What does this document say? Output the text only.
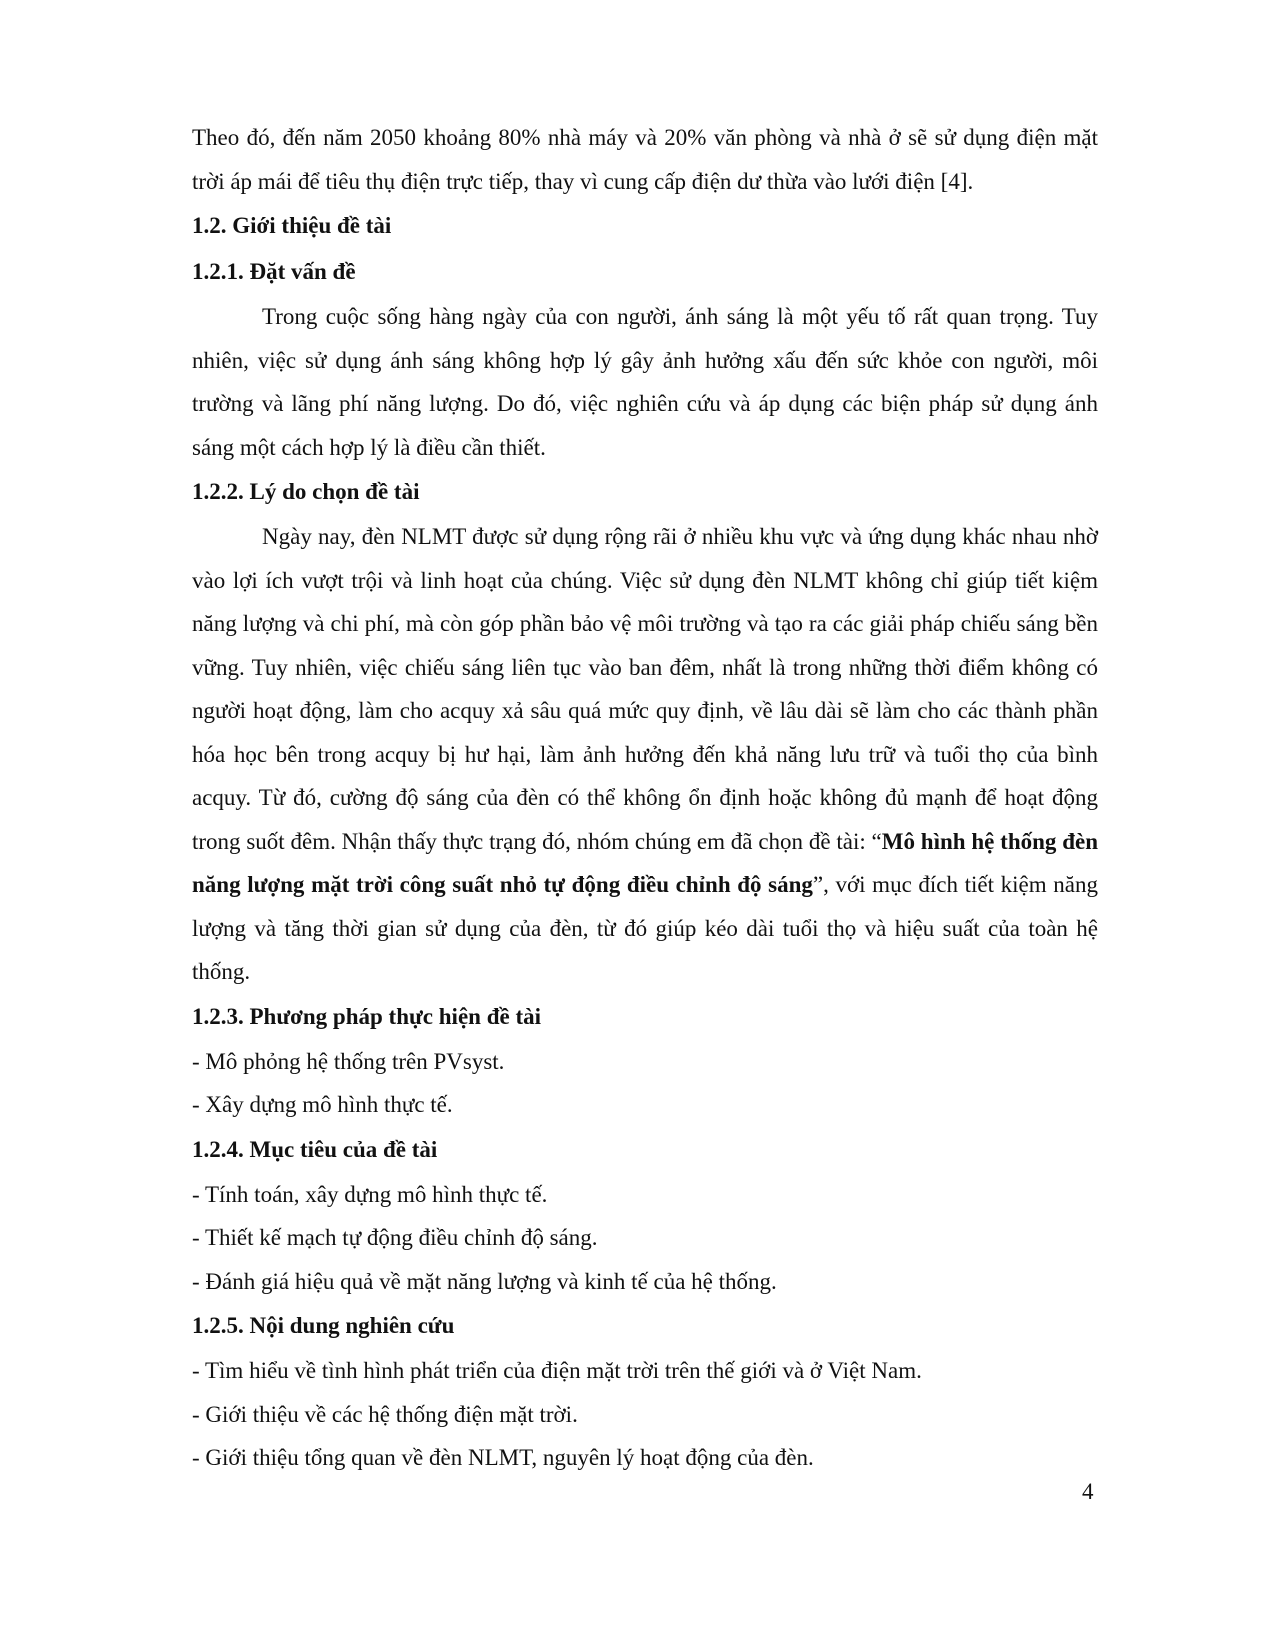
Theo đó, đến năm 2050 khoảng 80% nhà máy và 20% văn phòng và nhà ở sẽ sử dụng điện mặt trời áp mái để tiêu thụ điện trực tiếp, thay vì cung cấp điện dư thừa vào lưới điện [4].

1.2. Giới thiệu đề tài
1.2.1. Đặt vấn đề

Trong cuộc sống hàng ngày của con người, ánh sáng là một yếu tố rất quan trọng. Tuy nhiên, việc sử dụng ánh sáng không hợp lý gây ảnh hưởng xấu đến sức khỏe con người, môi trường và lãng phí năng lượng. Do đó, việc nghiên cứu và áp dụng các biện pháp sử dụng ánh sáng một cách hợp lý là điều cần thiết.

1.2.2. Lý do chọn đề tài

Ngày nay, đèn NLMT được sử dụng rộng rãi ở nhiều khu vực và ứng dụng khác nhau nhờ vào lợi ích vượt trội và linh hoạt của chúng. Việc sử dụng đèn NLMT không chỉ giúp tiết kiệm năng lượng và chi phí, mà còn góp phần bảo vệ môi trường và tạo ra các giải pháp chiếu sáng bền vững. Tuy nhiên, việc chiếu sáng liên tục vào ban đêm, nhất là trong những thời điểm không có người hoạt động, làm cho acquy xả sâu quá mức quy định, về lâu dài sẽ làm cho các thành phần hóa học bên trong acquy bị hư hại, làm ảnh hưởng đến khả năng lưu trữ và tuổi thọ của bình acquy. Từ đó, cường độ sáng của đèn có thể không ổn định hoặc không đủ mạnh để hoạt động trong suốt đêm. Nhận thấy thực trạng đó, nhóm chúng em đã chọn đề tài: “Mô hình hệ thống đèn năng lượng mặt trời công suất nhỏ tự động điều chỉnh độ sáng”, với mục đích tiết kiệm năng lượng và tăng thời gian sử dụng của đèn, từ đó giúp kéo dài tuổi thọ và hiệu suất của toàn hệ thống.

1.2.3. Phương pháp thực hiện đề tài

- Mô phỏng hệ thống trên PVsyst.

- Xây dựng mô hình thực tế.

1.2.4. Mục tiêu của đề tài

- Tính toán, xây dựng mô hình thực tế.

- Thiết kế mạch tự động điều chỉnh độ sáng.

- Đánh giá hiệu quả về mặt năng lượng và kinh tế của hệ thống.

1.2.5. Nội dung nghiên cứu

- Tìm hiểu về tình hình phát triển của điện mặt trời trên thế giới và ở Việt Nam.

- Giới thiệu về các hệ thống điện mặt trời.

- Giới thiệu tổng quan về đèn NLMT, nguyên lý hoạt động của đèn.

4
